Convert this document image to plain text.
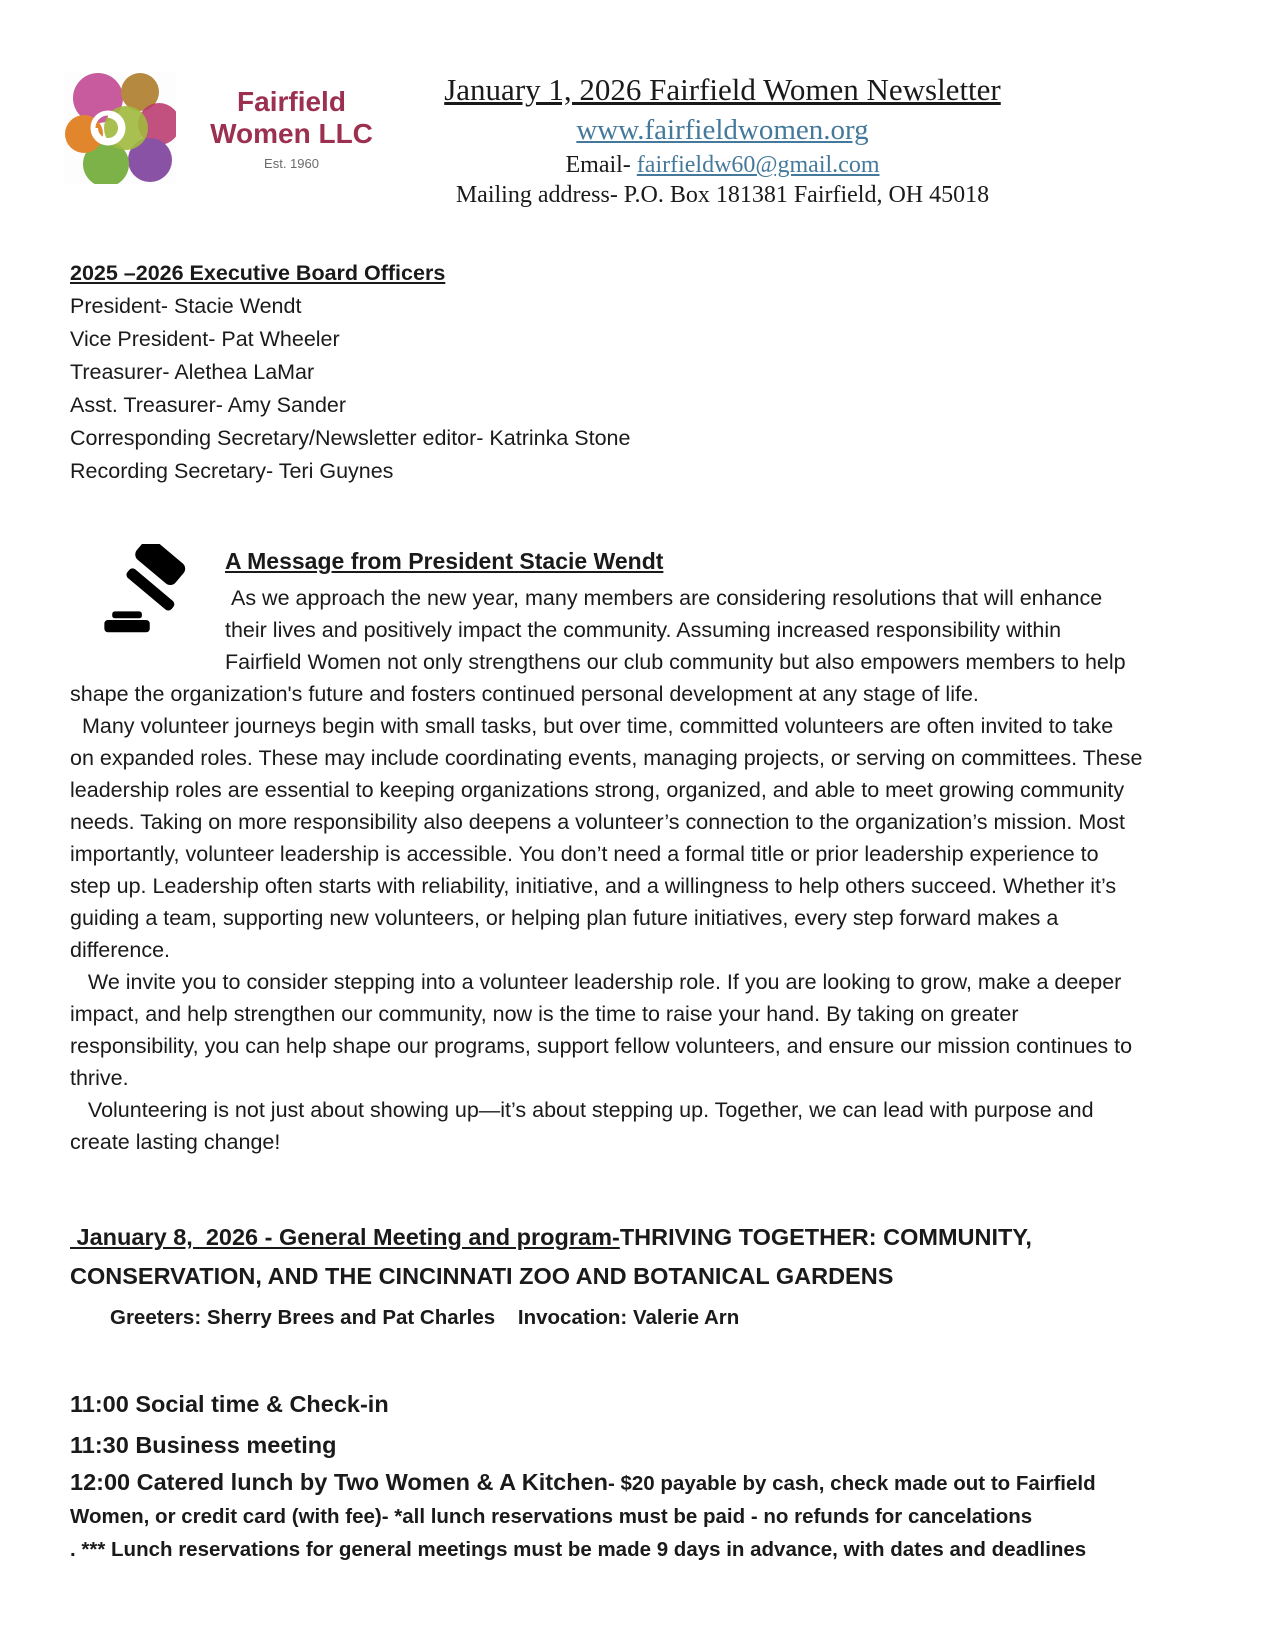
Fairfield Women LLC
Est. 1960
January 1, 2026 Fairfield Women Newsletter
www.fairfieldwomen.org
Email- fairfieldw60@gmail.com
Mailing address- P.O. Box 181381 Fairfield, OH 45018
2025 –2026 Executive Board Officers
President- Stacie Wendt
Vice President- Pat Wheeler
Treasurer- Alethea LaMar
Asst. Treasurer- Amy Sander
Corresponding Secretary/Newsletter editor- Katrinka Stone
Recording Secretary- Teri Guynes
A Message from President Stacie Wendt

As we approach the new year, many members are considering resolutions that will enhance their lives and positively impact the community. Assuming increased responsibility within Fairfield Women not only strengthens our club community but also empowers members to help shape the organization's future and fosters continued personal development at any stage of life.

Many volunteer journeys begin with small tasks, but over time, committed volunteers are often invited to take on expanded roles. These may include coordinating events, managing projects, or serving on committees. These leadership roles are essential to keeping organizations strong, organized, and able to meet growing community needs. Taking on more responsibility also deepens a volunteer’s connection to the organization’s mission. Most importantly, volunteer leadership is accessible. You don’t need a formal title or prior leadership experience to step up. Leadership often starts with reliability, initiative, and a willingness to help others succeed. Whether it’s guiding a team, supporting new volunteers, or helping plan future initiatives, every step forward makes a difference.

We invite you to consider stepping into a volunteer leadership role. If you are looking to grow, make a deeper impact, and help strengthen our community, now is the time to raise your hand. By taking on greater responsibility, you can help shape our programs, support fellow volunteers, and ensure our mission continues to thrive.

Volunteering is not just about showing up—it’s about stepping up. Together, we can lead with purpose and create lasting change!

January 8,  2026 - General Meeting and program-THRIVING TOGETHER: COMMUNITY, CONSERVATION, AND THE CINCINNATI ZOO AND BOTANICAL GARDENS
Greeters: Sherry Brees and Pat Charles    Invocation: Valerie Arn
11:00 Social time & Check-in
11:30 Business meeting
12:00 Catered lunch by Two Women & A Kitchen- $20 payable by cash, check made out to Fairfield Women, or credit card (with fee)- *all lunch reservations must be paid - no refunds for cancelations
. *** Lunch reservations for general meetings must be made 9 days in advance, with dates and deadlines
